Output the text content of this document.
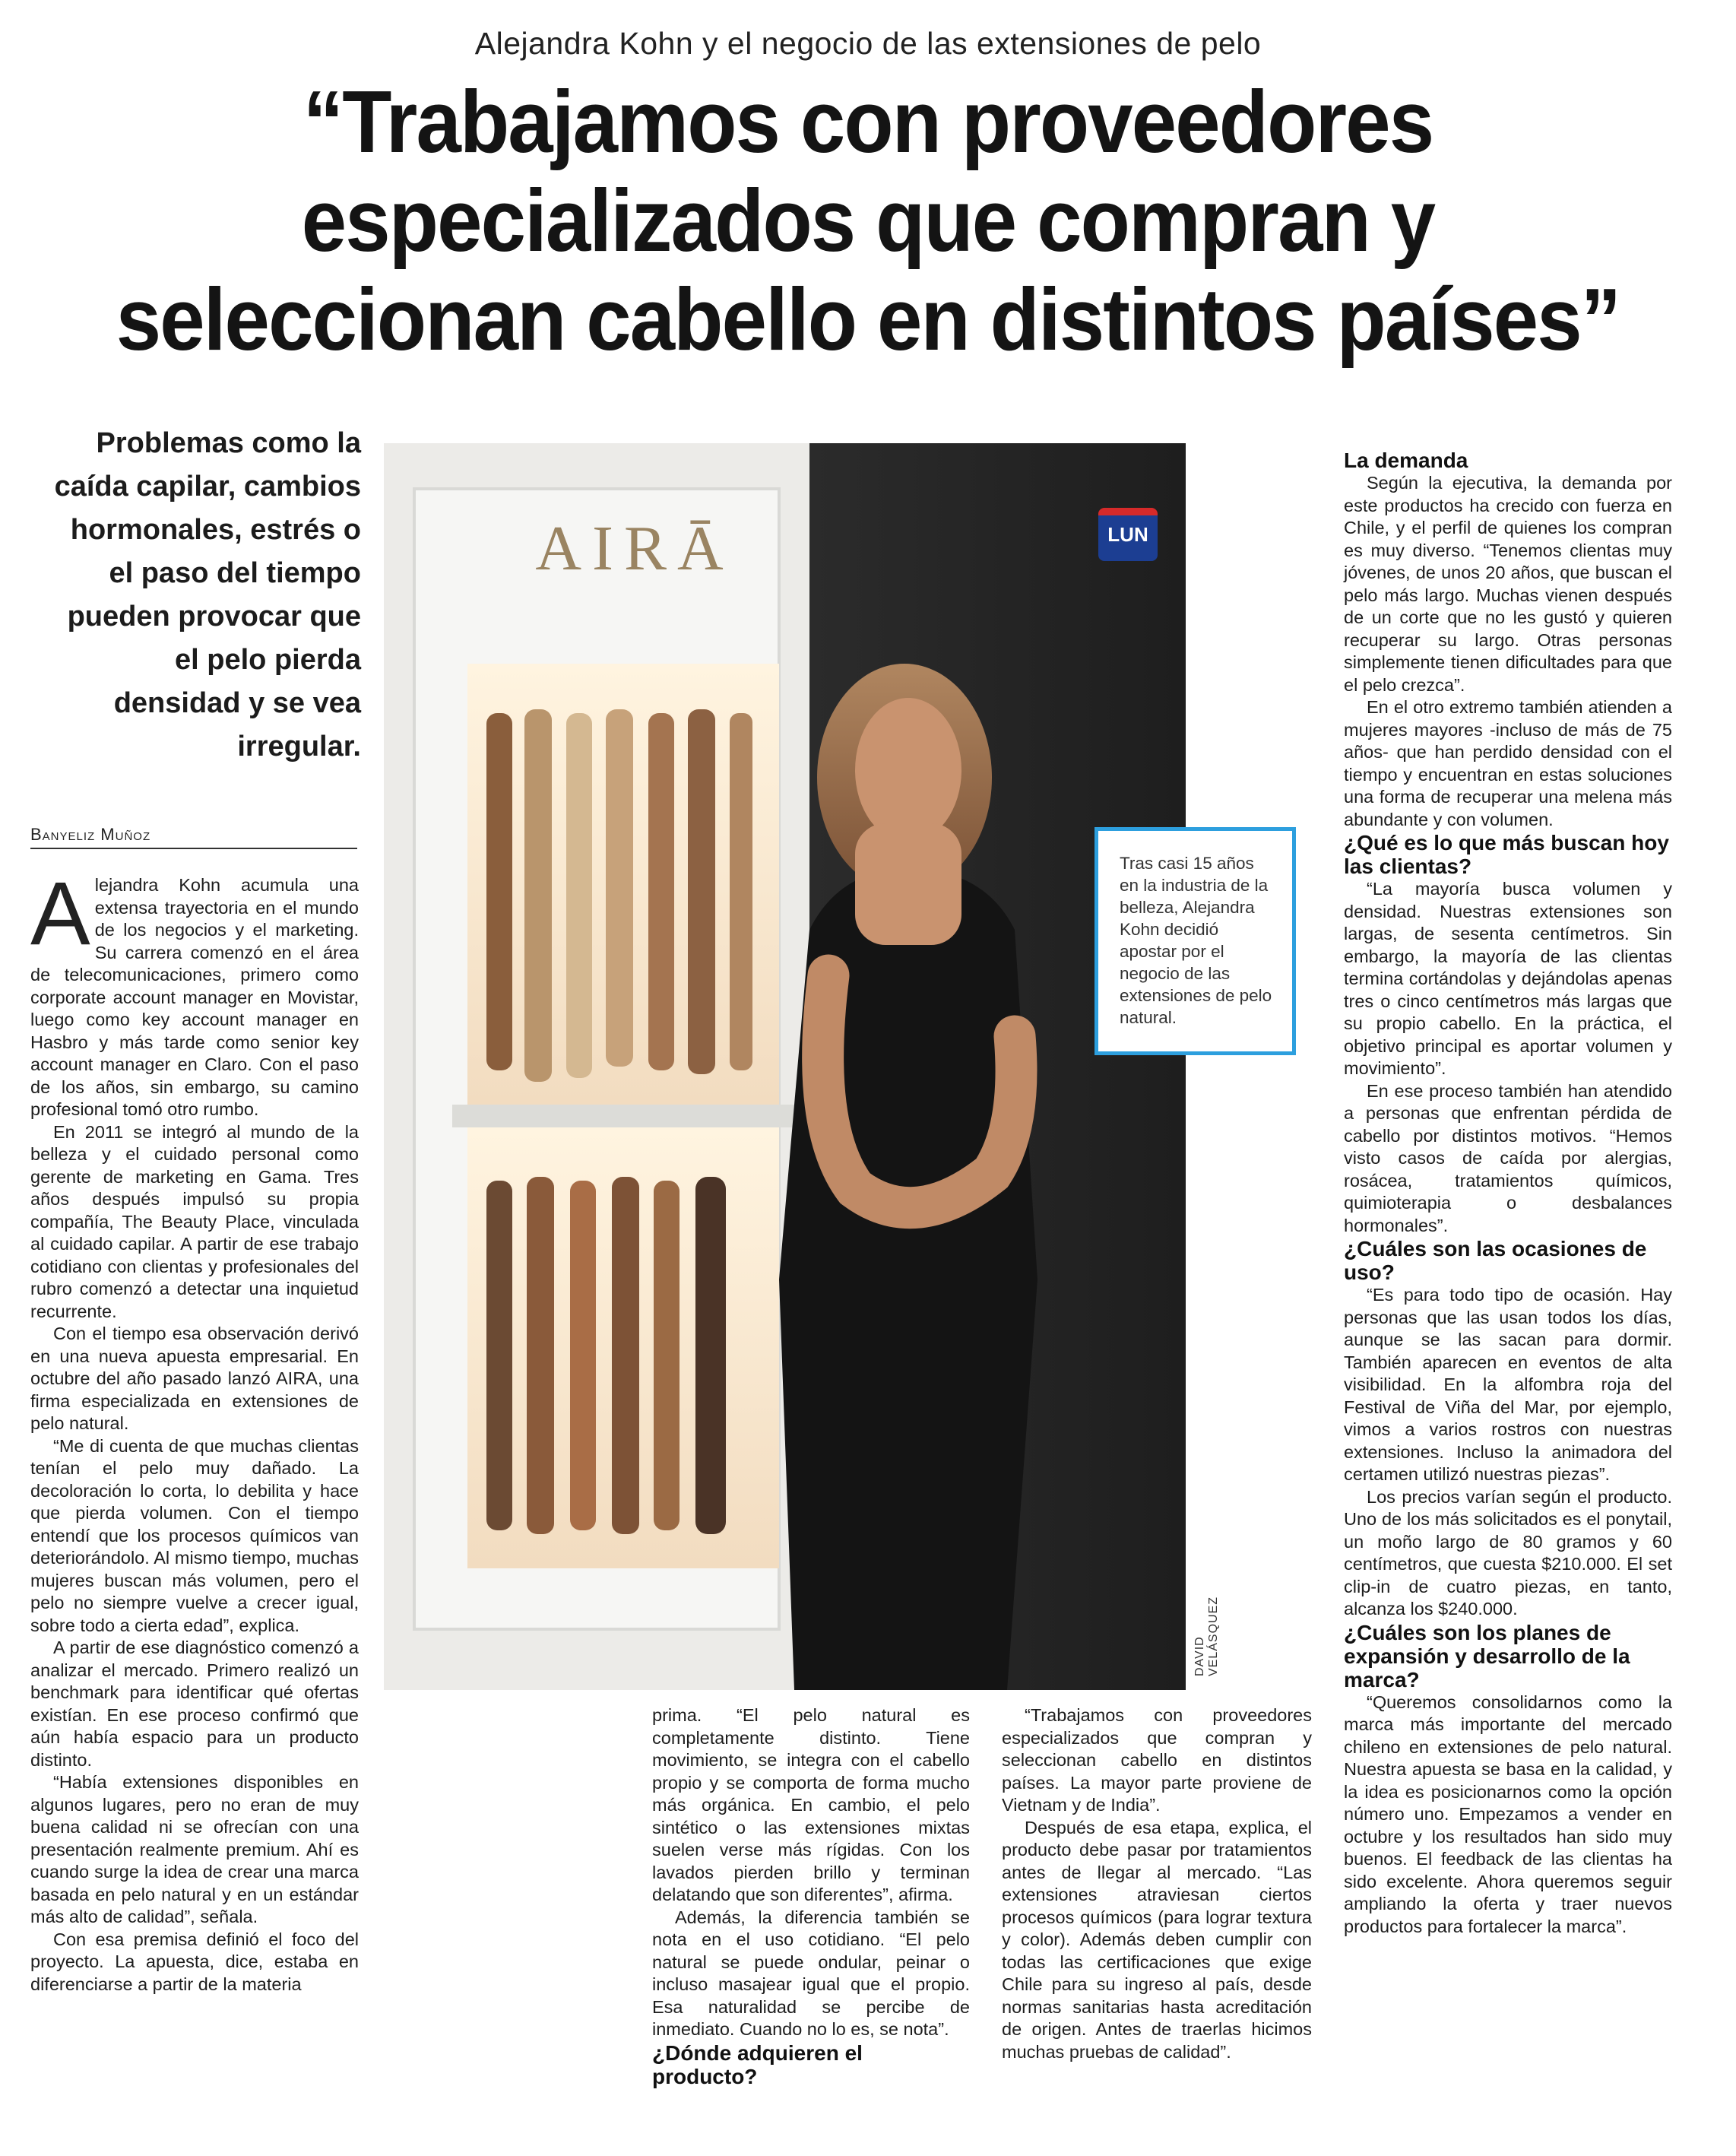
Alejandra Kohn y el negocio de las extensiones de pelo
“Trabajamos con proveedores
especializados que compran y
seleccionan cabello en distintos países”
Problemas como la caída capilar, cambios hormonales, estrés o el paso del tiempo pueden provocar que el pelo pierda densidad y se vea irregular.
Banyeliz Muñoz

Alejandra Kohn acumula una extensa trayectoria en el mundo de los negocios y el marketing. Su carrera comenzó en el área de telecomunicaciones, primero como corporate account manager en Movistar, luego como key account manager en Hasbro y más tarde como senior key account manager en Claro. Con el paso de los años, sin embargo, su camino profesional tomó otro rumbo.

En 2011 se integró al mundo de la belleza y el cuidado personal como gerente de marketing en Gama. Tres años después impulsó su propia compañía, The Beauty Place, vinculada al cuidado capilar. A partir de ese trabajo cotidiano con clientas y profesionales del rubro comenzó a detectar una inquietud recurrente.

Con el tiempo esa observación derivó en una nueva apuesta empresarial. En octubre del año pasado lanzó AIRA, una firma especializada en extensiones de pelo natural.

“Me di cuenta de que muchas clientas tenían el pelo muy dañado. La decoloración lo corta, lo debilita y hace que pierda volumen. Con el tiempo entendí que los procesos químicos van deteriorándolo. Al mismo tiempo, muchas mujeres buscan más volumen, pero el pelo no siempre vuelve a crecer igual, sobre todo a cierta edad”, explica.

A partir de ese diagnóstico comenzó a analizar el mercado. Primero realizó un benchmark para identificar qué ofertas existían. En ese proceso confirmó que aún había espacio para un producto distinto.

“Había extensiones disponibles en algunos lugares, pero no eran de muy buena calidad ni se ofrecían con una presentación realmente premium. Ahí es cuando surge la idea de crear una marca basada en pelo natural y en un estándar más alto de calidad”, señala.

Con esa premisa definió el foco del proyecto. La apuesta, dice, estaba en diferenciarse a partir de la materia

LUN
AIRĀ
DAVID VELÁSQUEZ
Tras casi 15 años en la industria de la belleza, Alejandra Kohn decidió apostar por el negocio de las extensiones de pelo natural.

prima. “El pelo natural es completamente distinto. Tiene movimiento, se integra con el cabello propio y se comporta de forma mucho más orgánica. En cambio, el pelo sintético o las extensiones mixtas suelen verse más rígidas. Con los lavados pierden brillo y terminan delatando que son diferentes”, afirma.

Además, la diferencia también se nota en el uso cotidiano. “El pelo natural se puede ondular, peinar o incluso masajear igual que el propio. Esa naturalidad se percibe de inmediato. Cuando no lo es, se nota”.

¿Dónde adquieren el producto?

“Trabajamos con proveedores especializados que compran y seleccionan cabello en distintos países. La mayor parte proviene de Vietnam y de India”.

Después de esa etapa, explica, el producto debe pasar por tratamientos antes de llegar al mercado. “Las extensiones atraviesan ciertos procesos químicos (para lograr textura y color). Además deben cumplir con todas las certificaciones que exige Chile para su ingreso al país, desde normas sanitarias hasta acreditación de origen. Antes de traerlas hicimos muchas pruebas de calidad”.

La demanda

Según la ejecutiva, la demanda por este productos ha crecido con fuerza en Chile, y el perfil de quienes los compran es muy diverso. “Tenemos clientas muy jóvenes, de unos 20 años, que buscan el pelo más largo. Muchas vienen después de un corte que no les gustó y quieren recuperar su largo. Otras personas simplemente tienen dificultades para que el pelo crezca”.

En el otro extremo también atienden a mujeres mayores -incluso de más de 75 años- que han perdido densidad con el tiempo y encuentran en estas soluciones una forma de recuperar una melena más abundante y con volumen.

¿Qué es lo que más buscan hoy las clientas?

“La mayoría busca volumen y densidad. Nuestras extensiones son largas, de sesenta centímetros. Sin embargo, la mayoría de las clientas termina cortándolas y dejándolas apenas tres o cinco centímetros más largas que su propio cabello. En la práctica, el objetivo principal es aportar volumen y movimiento”.

En ese proceso también han atendido a personas que enfrentan pérdida de cabello por distintos motivos. “Hemos visto casos de caída por alergias, rosácea, tratamientos químicos, quimioterapia o desbalances hormonales”.

¿Cuáles son las ocasiones de uso?

“Es para todo tipo de ocasión. Hay personas que las usan todos los días, aunque se las sacan para dormir. También aparecen en eventos de alta visibilidad. En la alfombra roja del Festival de Viña del Mar, por ejemplo, vimos a varios rostros con nuestras extensiones. Incluso la animadora del certamen utilizó nuestras piezas”.

Los precios varían según el producto. Uno de los más solicitados es el ponytail, un moño largo de 80 gramos y 60 centímetros, que cuesta $210.000. El set clip-in de cuatro piezas, en tanto, alcanza los $240.000.

¿Cuáles son los planes de expansión y desarrollo de la marca?

“Queremos consolidarnos como la marca más importante del mercado chileno en extensiones de pelo natural. Nuestra apuesta se basa en la calidad, y la idea es posicionarnos como la opción número uno. Empezamos a vender en octubre y los resultados han sido muy buenos. El feedback de las clientas ha sido excelente. Ahora queremos seguir ampliando la oferta y traer nuevos productos para fortalecer la marca”.
